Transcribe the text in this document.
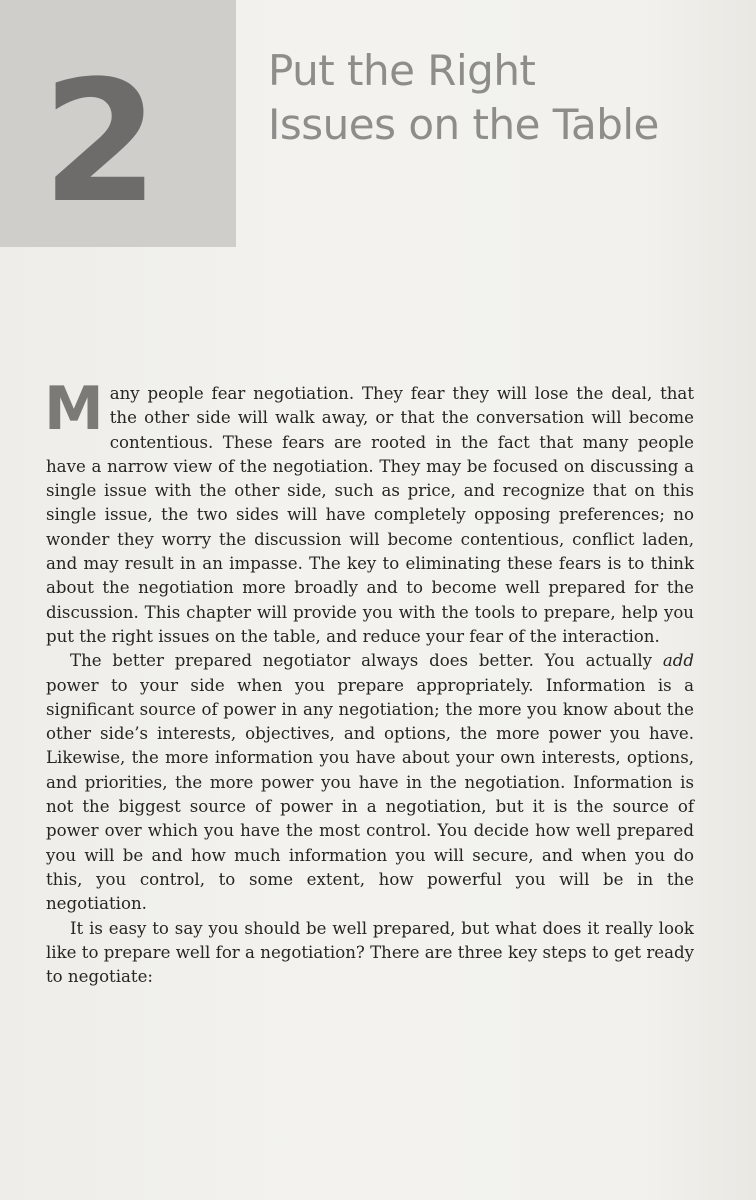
2	Put the Right
Issues on the Table

Many people fear negotiation. They fear they will lose the deal, that the other side will walk away, or that the conversation will become contentious. These fears are rooted in the fact that many people have a narrow view of the negotiation. They may be focused on discussing a single issue with the other side, such as price, and recognize that on this single issue, the two sides will have completely opposing preferences; no wonder they worry the discussion will become contentious, conflict laden, and may result in an impasse. The key to eliminating these fears is to think about the negotiation more broadly and to become well prepared for the discussion. This chapter will provide you with the tools to prepare, help you put the right issues on the table, and reduce your fear of the interaction.

The better prepared negotiator always does better. You actually add power to your side when you prepare appropriately. Information is a significant source of power in any negotiation; the more you know about the other side’s interests, objectives, and options, the more power you have. Likewise, the more information you have about your own interests, options, and priorities, the more power you have in the negotiation. Information is not the biggest source of power in a negotiation, but it is the source of power over which you have the most control. You decide how well prepared you will be and how much information you will secure, and when you do this, you control, to some extent, how powerful you will be in the negotiation.

It is easy to say you should be well prepared, but what does it really look like to prepare well for a negotiation? There are three key steps to get ready to negotiate:
